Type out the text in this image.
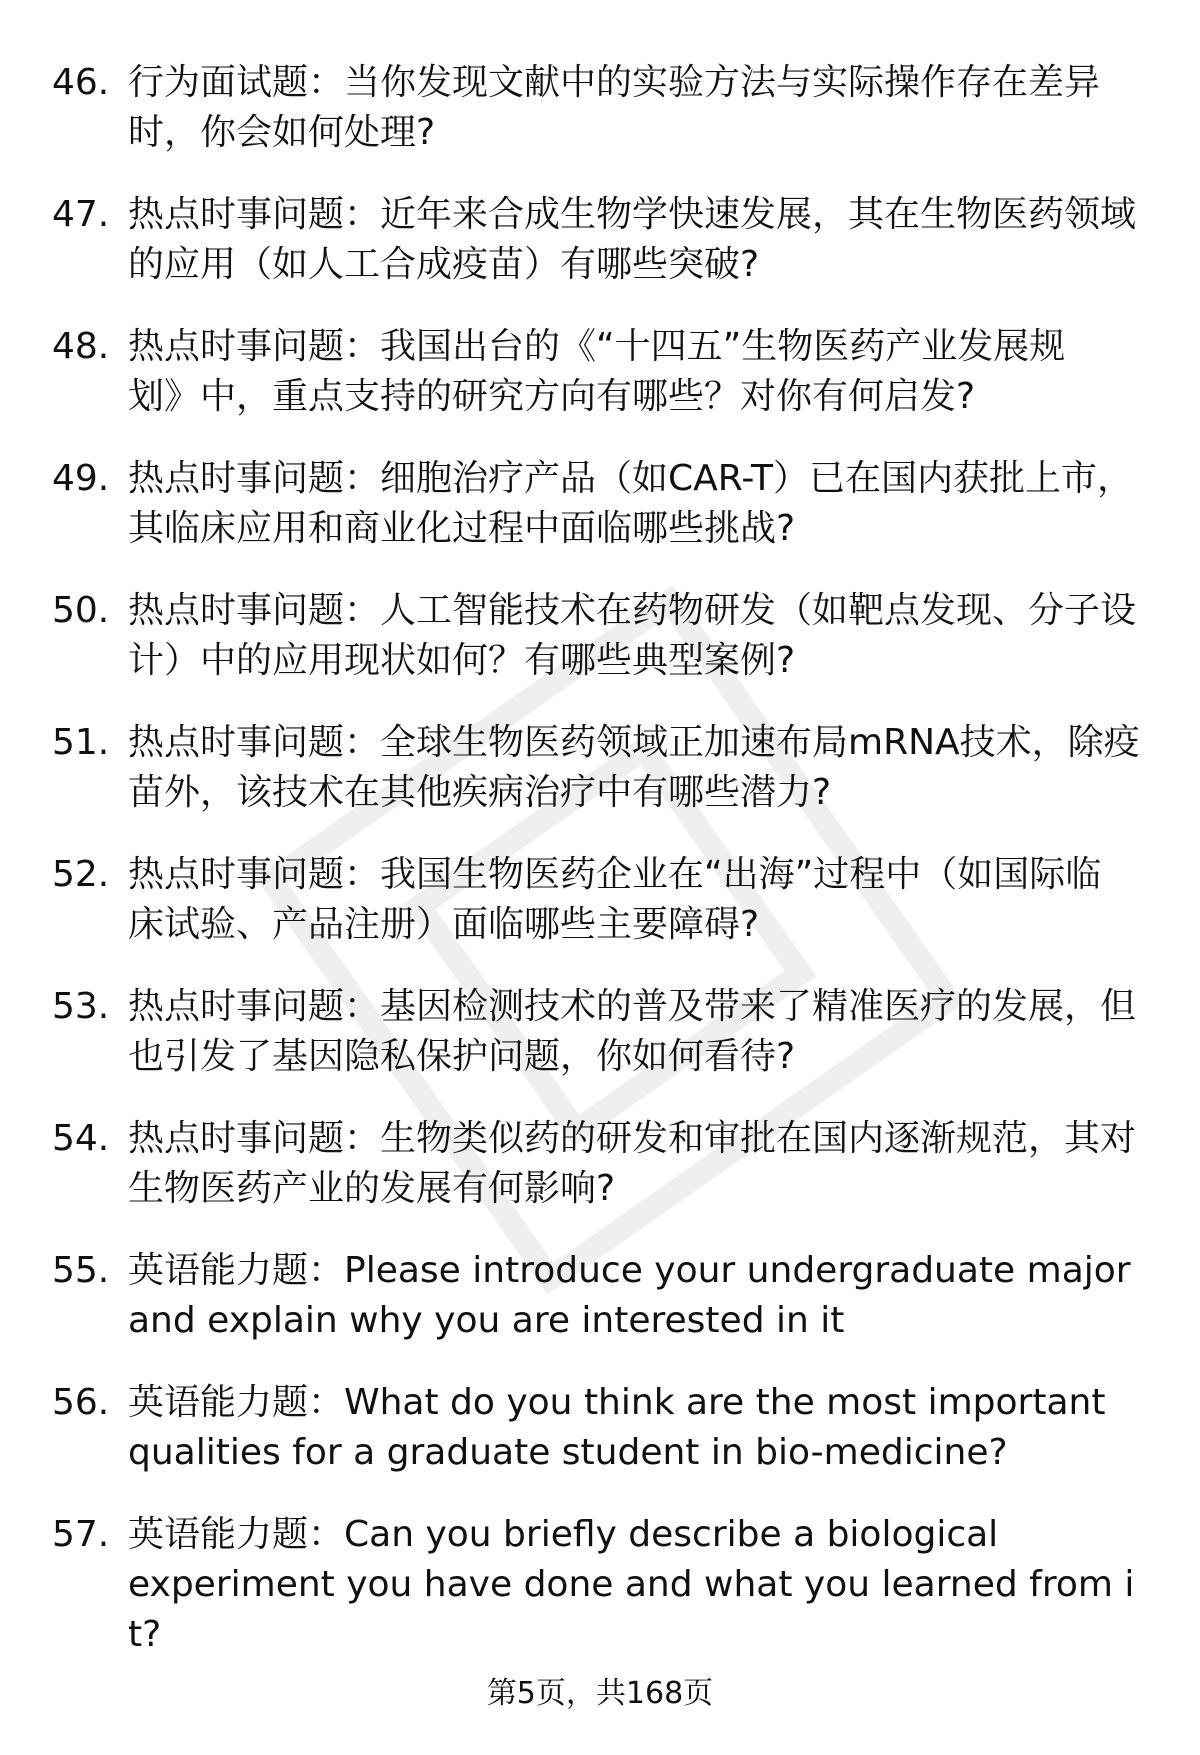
46. 行为面试题：当你发现文献中的实验方法与实际操作存在差异
时，你会如何处理?
47. 热点时事问题：近年来合成生物学快速发展，其在生物医药领域
的应用（如人工合成疫苗）有哪些突破?
48. 热点时事问题：我国出台的《“十四五”生物医药产业发展规
划》中，重点支持的研究方向有哪些？对你有何启发?
49. 热点时事问题：细胞治疗产品（如CAR-T）已在国内获批上市，
其临床应用和商业化过程中面临哪些挑战?
50. 热点时事问题：人工智能技术在药物研发（如靶点发现、分子设
计）中的应用现状如何？有哪些典型案例?
51. 热点时事问题：全球生物医药领域正加速布局mRNA技术，除疫
苗外，该技术在其他疾病治疗中有哪些潜力?
52. 热点时事问题：我国生物医药企业在“出海”过程中（如国际临
床试验、产品注册）面临哪些主要障碍?
53. 热点时事问题：基因检测技术的普及带来了精准医疗的发展，但
也引发了基因隐私保护问题，你如何看待?
54. 热点时事问题：生物类似药的研发和审批在国内逐渐规范，其对
生物医药产业的发展有何影响?
55. 英语能力题：Please introduce your undergraduate major
and explain why you are interested in it
56. 英语能力题：What do you think are the most important
qualities for a graduate student in bio-medicine?
57. 英语能力题：Can you briefly describe a biological
experiment you have done and what you learned from it?
第5页，共168页
